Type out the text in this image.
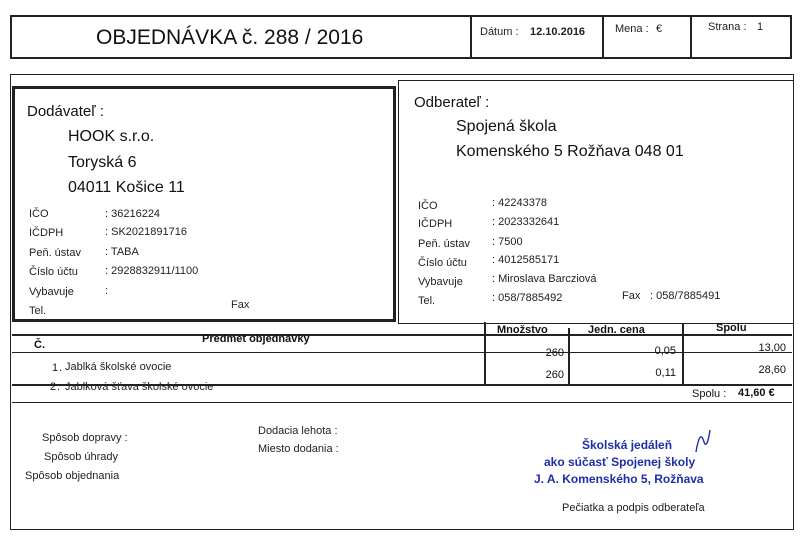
OBJEDNÁVKA č. 288 / 2016	Dátum : 12.10.2016	Mena : €	Strana : 1
Dodávateľ :
HOOK s.r.o.
Toryská 6
04011 Košice 11
IČO	: 36216224
IČDPH	: SK2021891716
Peň. ústav : TABA
Číslo účtu : 2928832911/1100
Vybavuje	:
Tel.	Fax
Odberateľ :
Spojená škola
Komenského 5 Rožňava 048 01
IČO	: 42243378
IČDPH	: 2023332641
Peň. ústav : 7500
Číslo účtu : 4012585171
Vybavuje	: Miroslava Barcziová
Tel.	: 058/7885492	Fax : 058/7885491
Č.	Predmet objednávky
Množstvo	Jedn. cena	Spolu
1 . Jablká školské ovocie
260	0,05	13,00
2 . Jablková šťava školské ovocie
260	0,11	28,60
Spolu : 41,60 €
Spôsob dopravy :
Spôsob úhrady
Spôsob objednania
Dodacia lehota :
Miesto dodania :	Školská jedáleň
ako súčasť Spojenej školy
J. A. Komenského 5, Rožňava
Pečiatka a podpis odberateľa
